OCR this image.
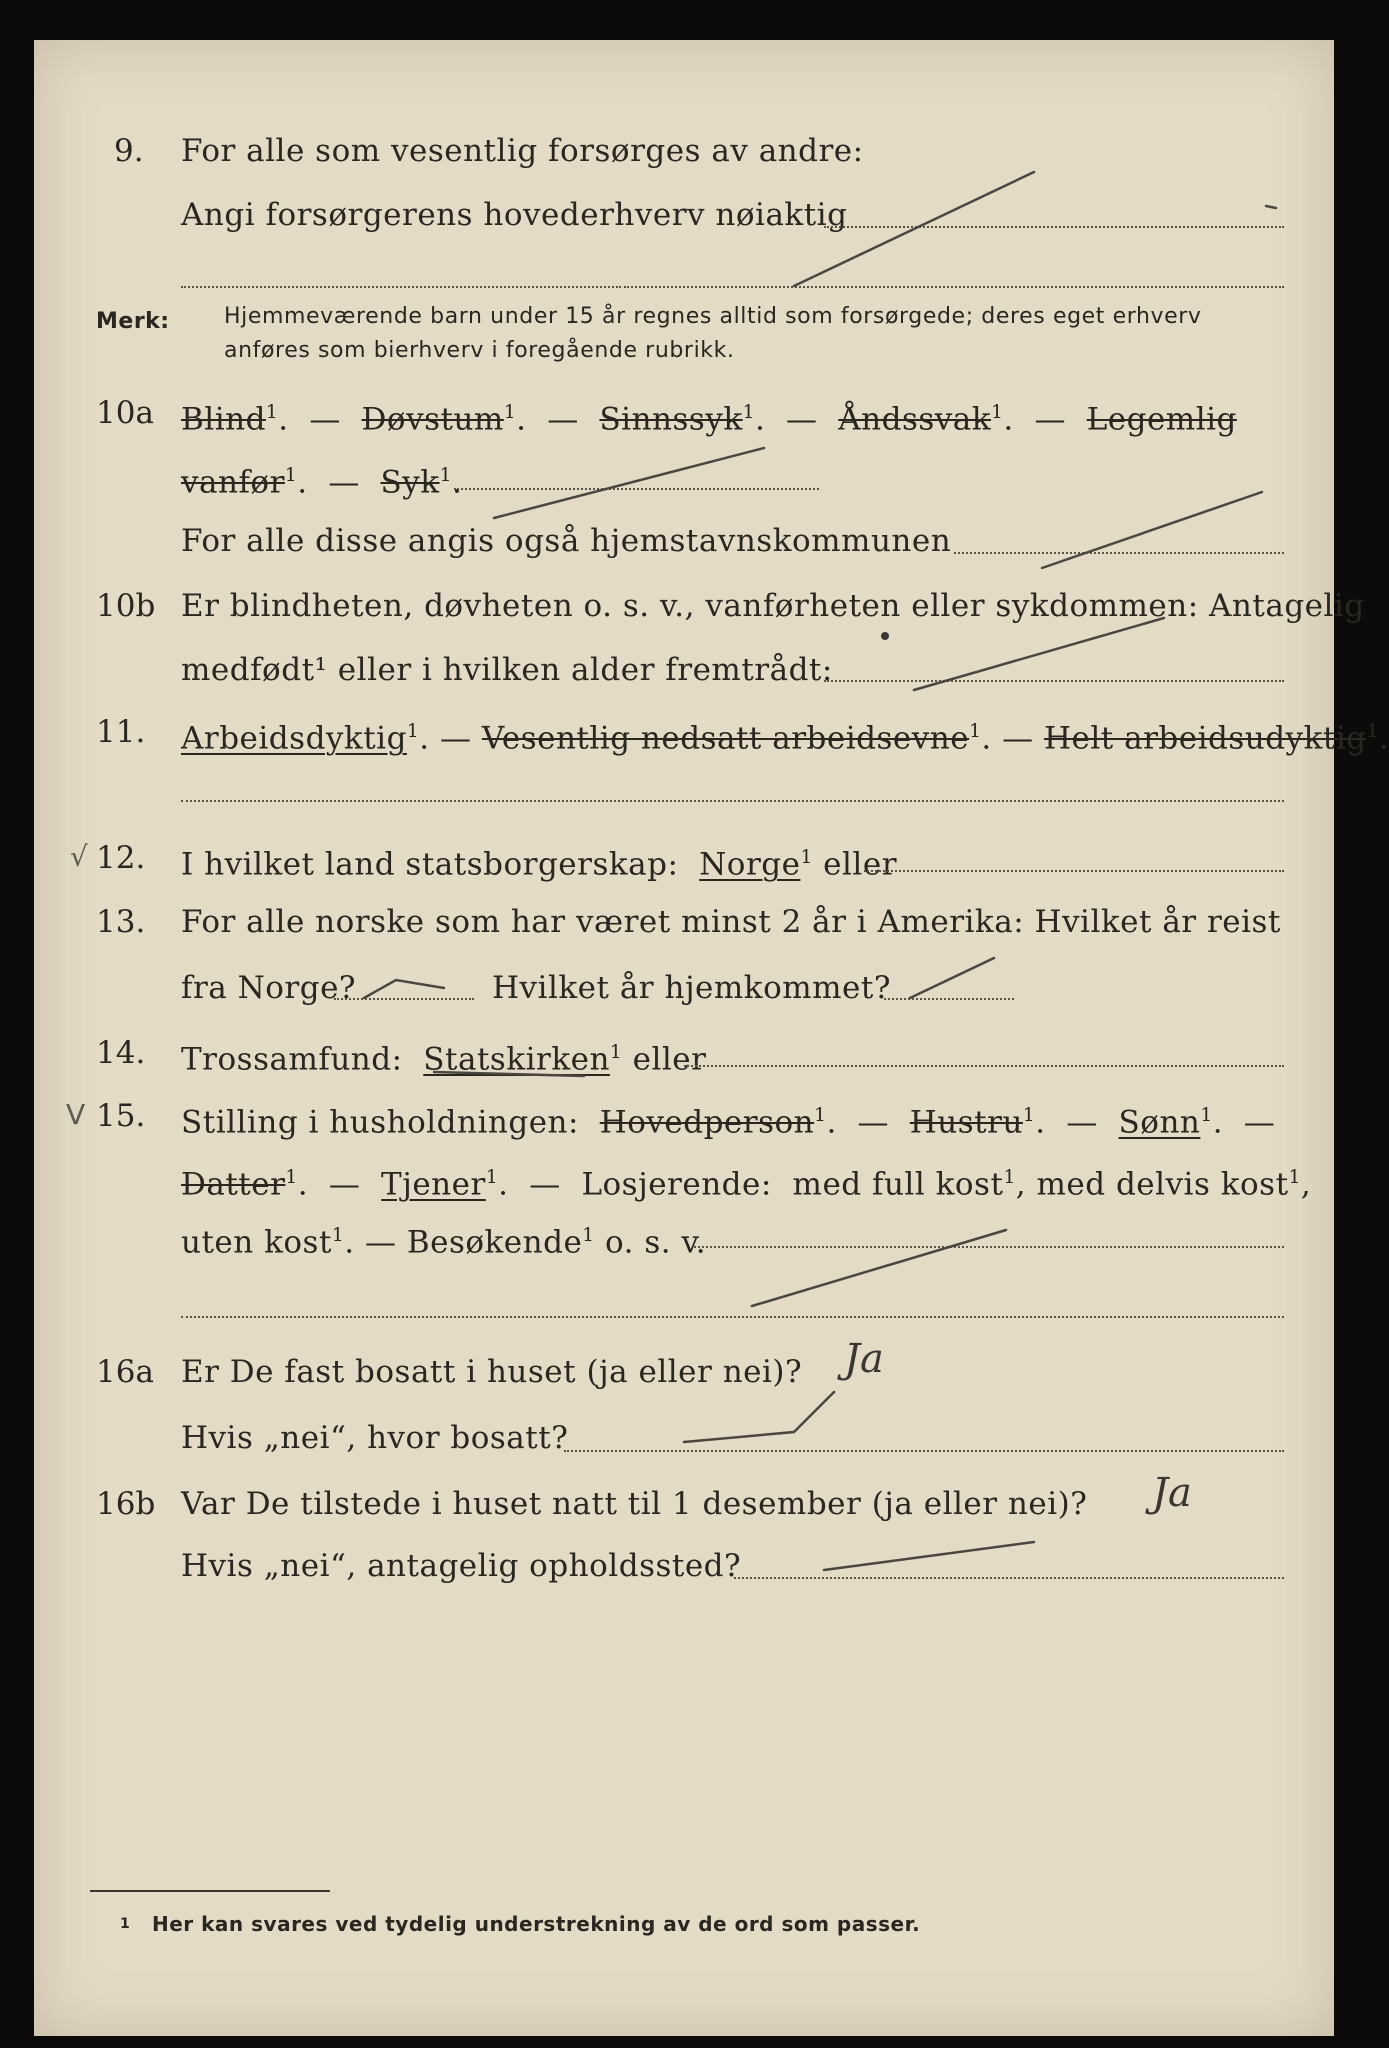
9. For alle som vesentlig forsørges av andre:
Angi forsørgerens hovederhverv nøiaktig
Merk: Hjemmeværende barn under 15 år regnes alltid som forsørgede; deres eget erhverv
anføres som bierhverv i foregående rubrikk.
10a Blind$^1$.  —  Døvstum$^1$.  —  Sinnssyk$^1$.  —  Åndssvak$^1$.  —  Legemlig
vanfør$^1$.  —  Syk$^1$.
For alle disse angis også hjemstavnskommunen
10b Er blindheten, døvheten o. s. v., vanførheten eller sykdommen: Antagelig
medfødt¹ eller i hvilken alder fremtrådt:
11. Arbeidsdyktig$^1$. — Vesentlig nedsatt arbeidsevne$^1$. — Helt arbeidsudyktig$^1$.
√ 12. I hvilket land statsborgerskap: Norge$^1$ eller
13. For alle norske som har været minst 2 år i Amerika: Hvilket år reist
fra Norge?	Hvilket år hjemkommet?
14. Trossamfund: Statskirken$^1$ eller
V 15. Stilling i husholdningen: Hovedperson$^1$.  —  Hustru$^1$.  —  Sønn$^1$.  —
Datter$^1$.  —  Tjener$^1$.  —  Losjerende: med full kost$^1$, med delvis kost$^1$,
uten kost$^1$. — Besøkende$^1$ o. s. v.
16a Er De fast bosatt i huset (ja eller nei)? Ja
Hvis „nei“, hvor bosatt?
16b Var De tilstede i huset natt til 1 desember (ja eller nei)? Ja
Hvis „nei“, antagelig opholdssted?
1 Her kan svares ved tydelig understrekning av de ord som passer.
